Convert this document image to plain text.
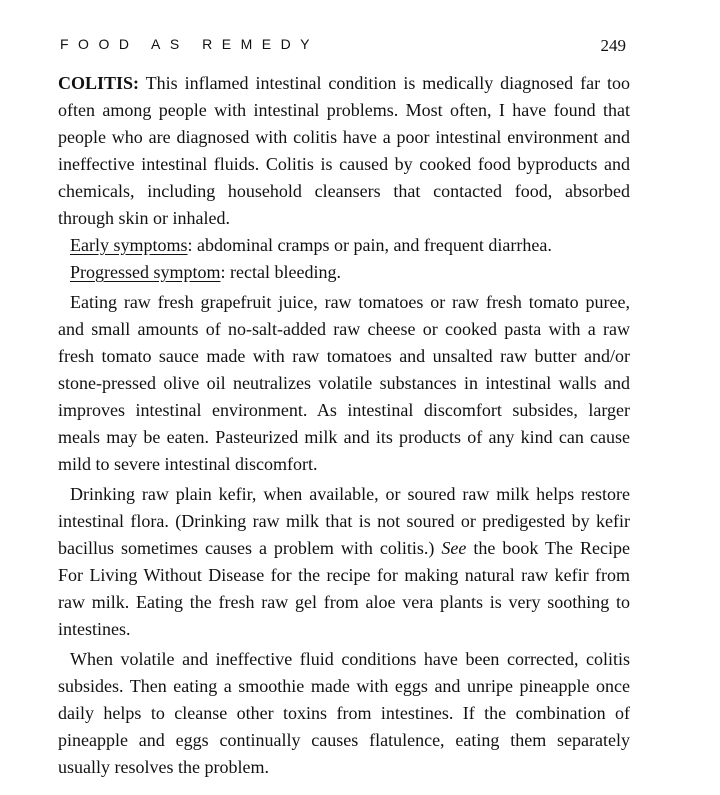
FOOD AS REMEDY	249

COLITIS: This inflamed intestinal condition is medically diagnosed far too often among people with intestinal problems. Most often, I have found that people who are diagnosed with colitis have a poor intestinal environment and ineffective intestinal fluids. Colitis is caused by cooked food byproducts and chemicals, including household cleansers that contacted food, absorbed through skin or inhaled.

Early symptoms: abdominal cramps or pain, and frequent diarrhea.

Progressed symptom: rectal bleeding.

Eating raw fresh grapefruit juice, raw tomatoes or raw fresh tomato puree, and small amounts of no-salt-added raw cheese or cooked pasta with a raw fresh tomato sauce made with raw tomatoes and unsalted raw butter and/or stone-pressed olive oil neutralizes volatile substances in intestinal walls and improves intestinal environment. As intestinal discomfort subsides, larger meals may be eaten. Pasteurized milk and its products of any kind can cause mild to severe intestinal discomfort.

Drinking raw plain kefir, when available, or soured raw milk helps restore intestinal flora. (Drinking raw milk that is not soured or predigested by kefir bacillus sometimes causes a problem with colitis.) See the book The Recipe For Living Without Disease for the recipe for making natural raw kefir from raw milk. Eating the fresh raw gel from aloe vera plants is very soothing to intestines.

When volatile and ineffective fluid conditions have been corrected, colitis subsides. Then eating a smoothie made with eggs and unripe pineapple once daily helps to cleanse other toxins from intestines. If the combination of pineapple and eggs continually causes flatulence, eating them separately usually resolves the problem.
